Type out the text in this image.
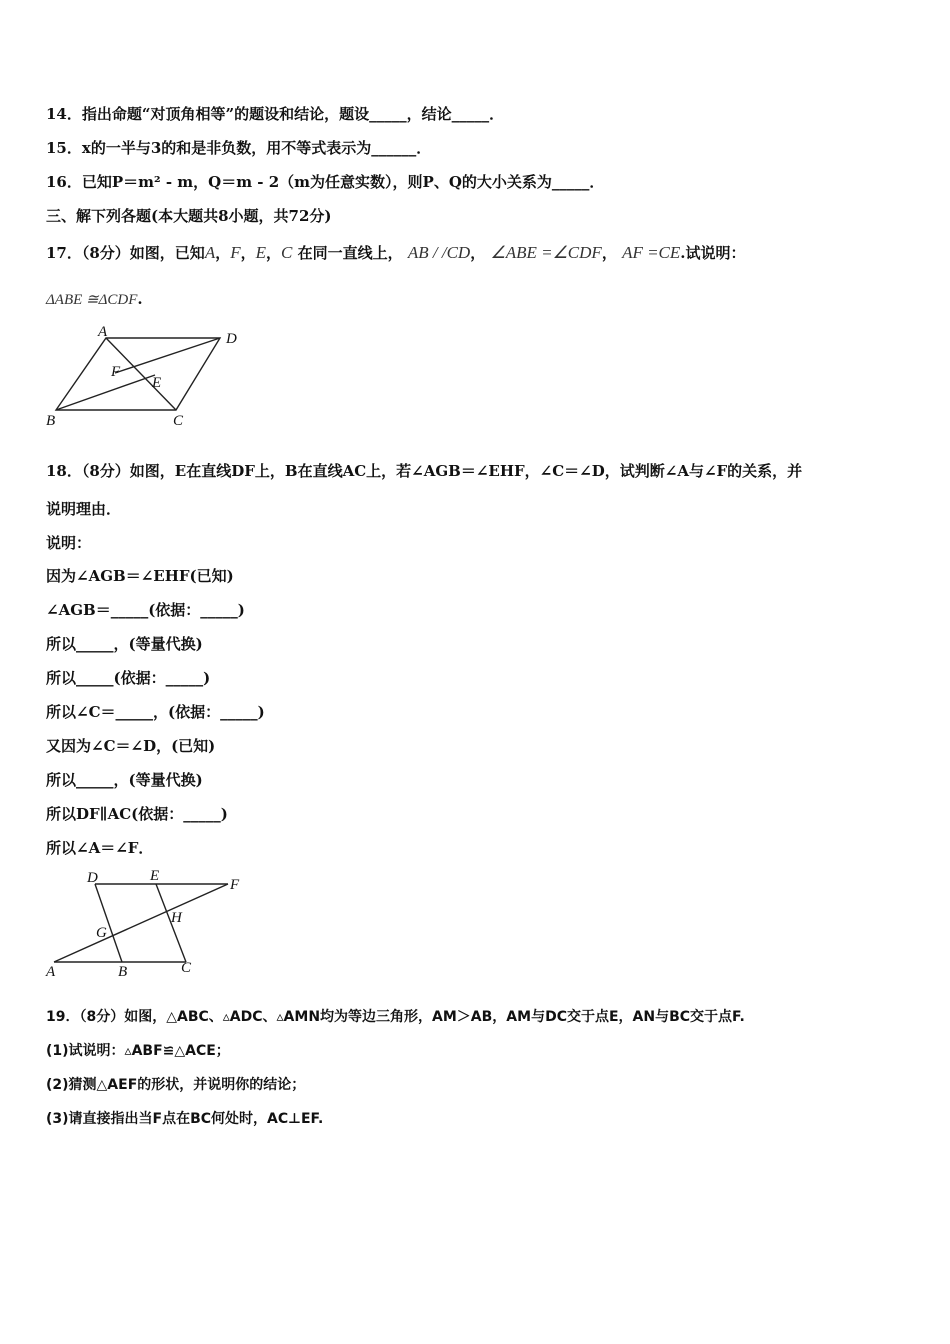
14．指出命题“对顶角相等”的题设和结论，题设_____，结论_____．
15．x的一半与3的和是非负数，用不等式表示为______．
16．已知P＝m² - m，Q＝m - 2（m为任意实数），则P、Q的大小关系为_____．
三、解下列各题(本大题共8小题，共72分)
17．（8分）如图，已知A，F，E，C 在同一直线上， AB / /CD， ∠ABE =∠CDF， AF =CE.试说明：
ΔABE ≅ΔCDF.
A	D
F
E
B	C
18．（8分）如图，E在直线DF上，B在直线AC上，若∠AGB＝∠EHF，∠C＝∠D，试判断∠A与∠F的关系，并
说明理由．
说明：
因为∠AGB＝∠EHF(已知)
∠AGB＝_____(依据：_____)
所以_____，(等量代换)
所以_____(依据：_____)
所以∠C＝_____，(依据：_____)
又因为∠C＝∠D，(已知)
所以_____，(等量代换)
所以DF∥AC(依据：_____)
所以∠A＝∠F．
D	E
F
H
G
A	B	C
19．（8分）如图，△ABC、▵ADC、▵AMN均为等边三角形，AM＞AB，AM与DC交于点E，AN与BC交于点F.
(1)试说明：▵ABF≌△ACE；
(2)猜测△AEF的形状，并说明你的结论；
(3)请直接指出当F点在BC何处时，AC⊥EF.
